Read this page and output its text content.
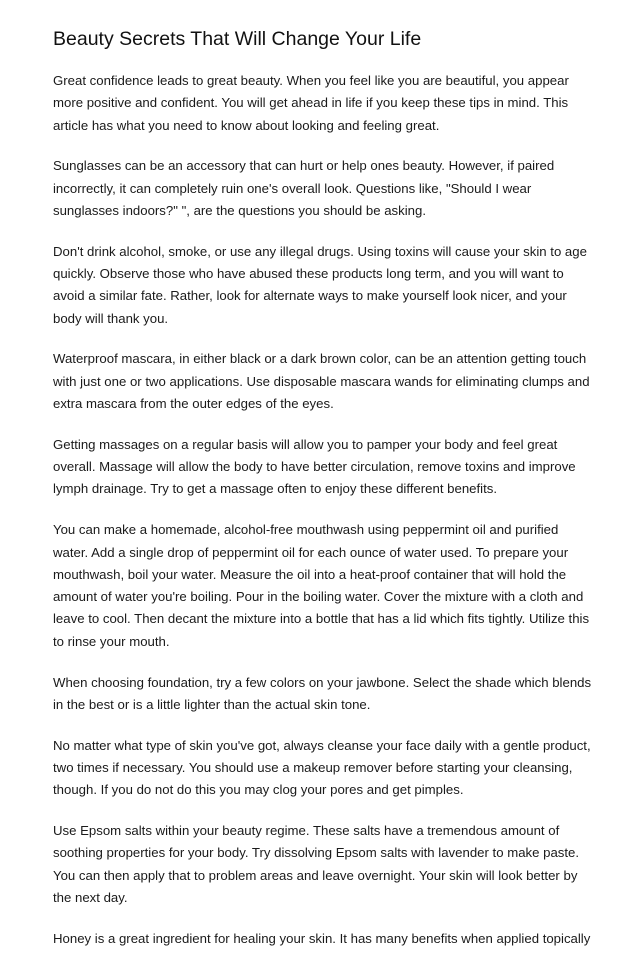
Beauty Secrets That Will Change Your Life

Great confidence leads to great beauty. When you feel like you are beautiful, you appear more positive and confident. You will get ahead in life if you keep these tips in mind. This article has what you need to know about looking and feeling great.

Sunglasses can be an accessory that can hurt or help ones beauty. However, if paired incorrectly, it can completely ruin one's overall look. Questions like, "Should I wear sunglasses indoors?" ", are the questions you should be asking.

Don't drink alcohol, smoke, or use any illegal drugs. Using toxins will cause your skin to age quickly. Observe those who have abused these products long term, and you will want to avoid a similar fate. Rather, look for alternate ways to make yourself look nicer, and your body will thank you.

Waterproof mascara, in either black or a dark brown color, can be an attention getting touch with just one or two applications. Use disposable mascara wands for eliminating clumps and extra mascara from the outer edges of the eyes.

Getting massages on a regular basis will allow you to pamper your body and feel great overall. Massage will allow the body to have better circulation, remove toxins and improve lymph drainage. Try to get a massage often to enjoy these different benefits.

You can make a homemade, alcohol-free mouthwash using peppermint oil and purified water. Add a single drop of peppermint oil for each ounce of water used. To prepare your mouthwash, boil your water. Measure the oil into a heat-proof container that will hold the amount of water you're boiling. Pour in the boiling water. Cover the mixture with a cloth and leave to cool. Then decant the mixture into a bottle that has a lid which fits tightly. Utilize this to rinse your mouth.

When choosing foundation, try a few colors on your jawbone. Select the shade which blends in the best or is a little lighter than the actual skin tone.

No matter what type of skin you've got, always cleanse your face daily with a gentle product, two times if necessary. You should use a makeup remover before starting your cleansing, though. If you do not do this you may clog your pores and get pimples.

Use Epsom salts within your beauty regime. These salts have a tremendous amount of soothing properties for your body. Try dissolving Epsom salts with lavender to make paste. You can then apply that to problem areas and leave overnight. Your skin will look better by the next day.

Honey is a great ingredient for healing your skin. It has many benefits when applied topically
